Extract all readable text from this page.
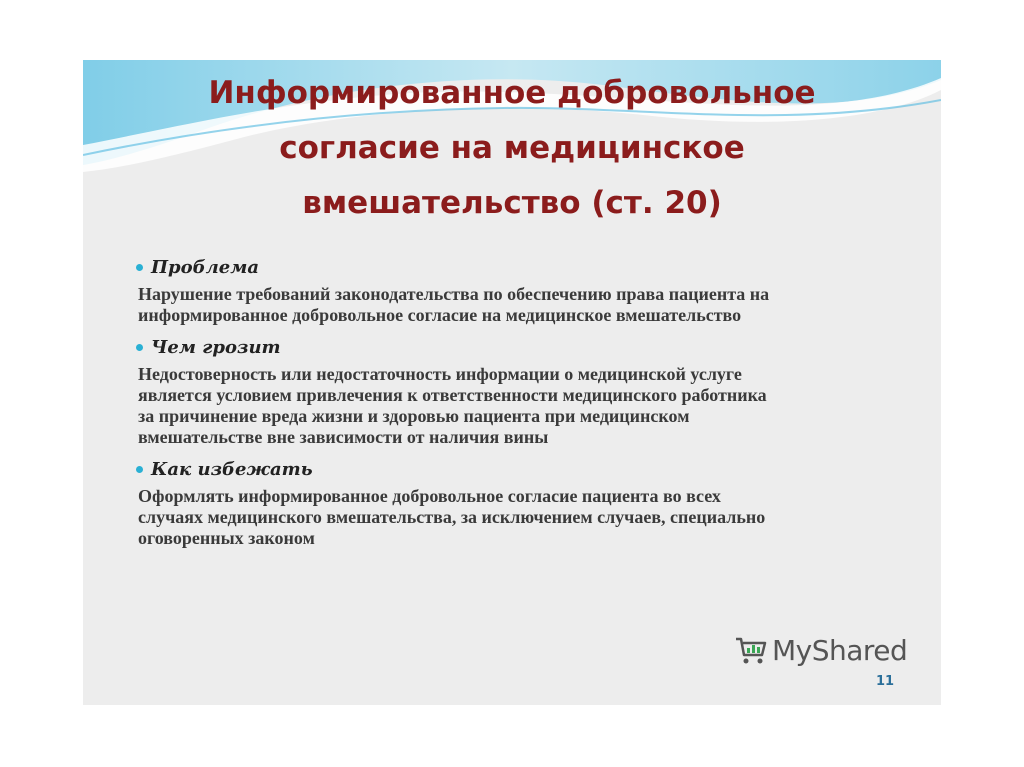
Информированное добровольное
согласие на медицинское
вмешательство (ст. 20)
Проблема

Нарушение требований законодательства по обеспечению права пациента на
информированное добровольное согласие на медицинское вмешательство

Чем грозит

Недостоверность или недостаточность информации о медицинской услуге
является условием привлечения к ответственности медицинского работника
за причинение вреда жизни и здоровью пациента при медицинском
вмешательстве вне зависимости от наличия вины

Как избежать

Оформлять информированное добровольное согласие пациента во всех
случаях медицинского вмешательства, за исключением случаев, специально
оговоренных законом

MyShared
11
